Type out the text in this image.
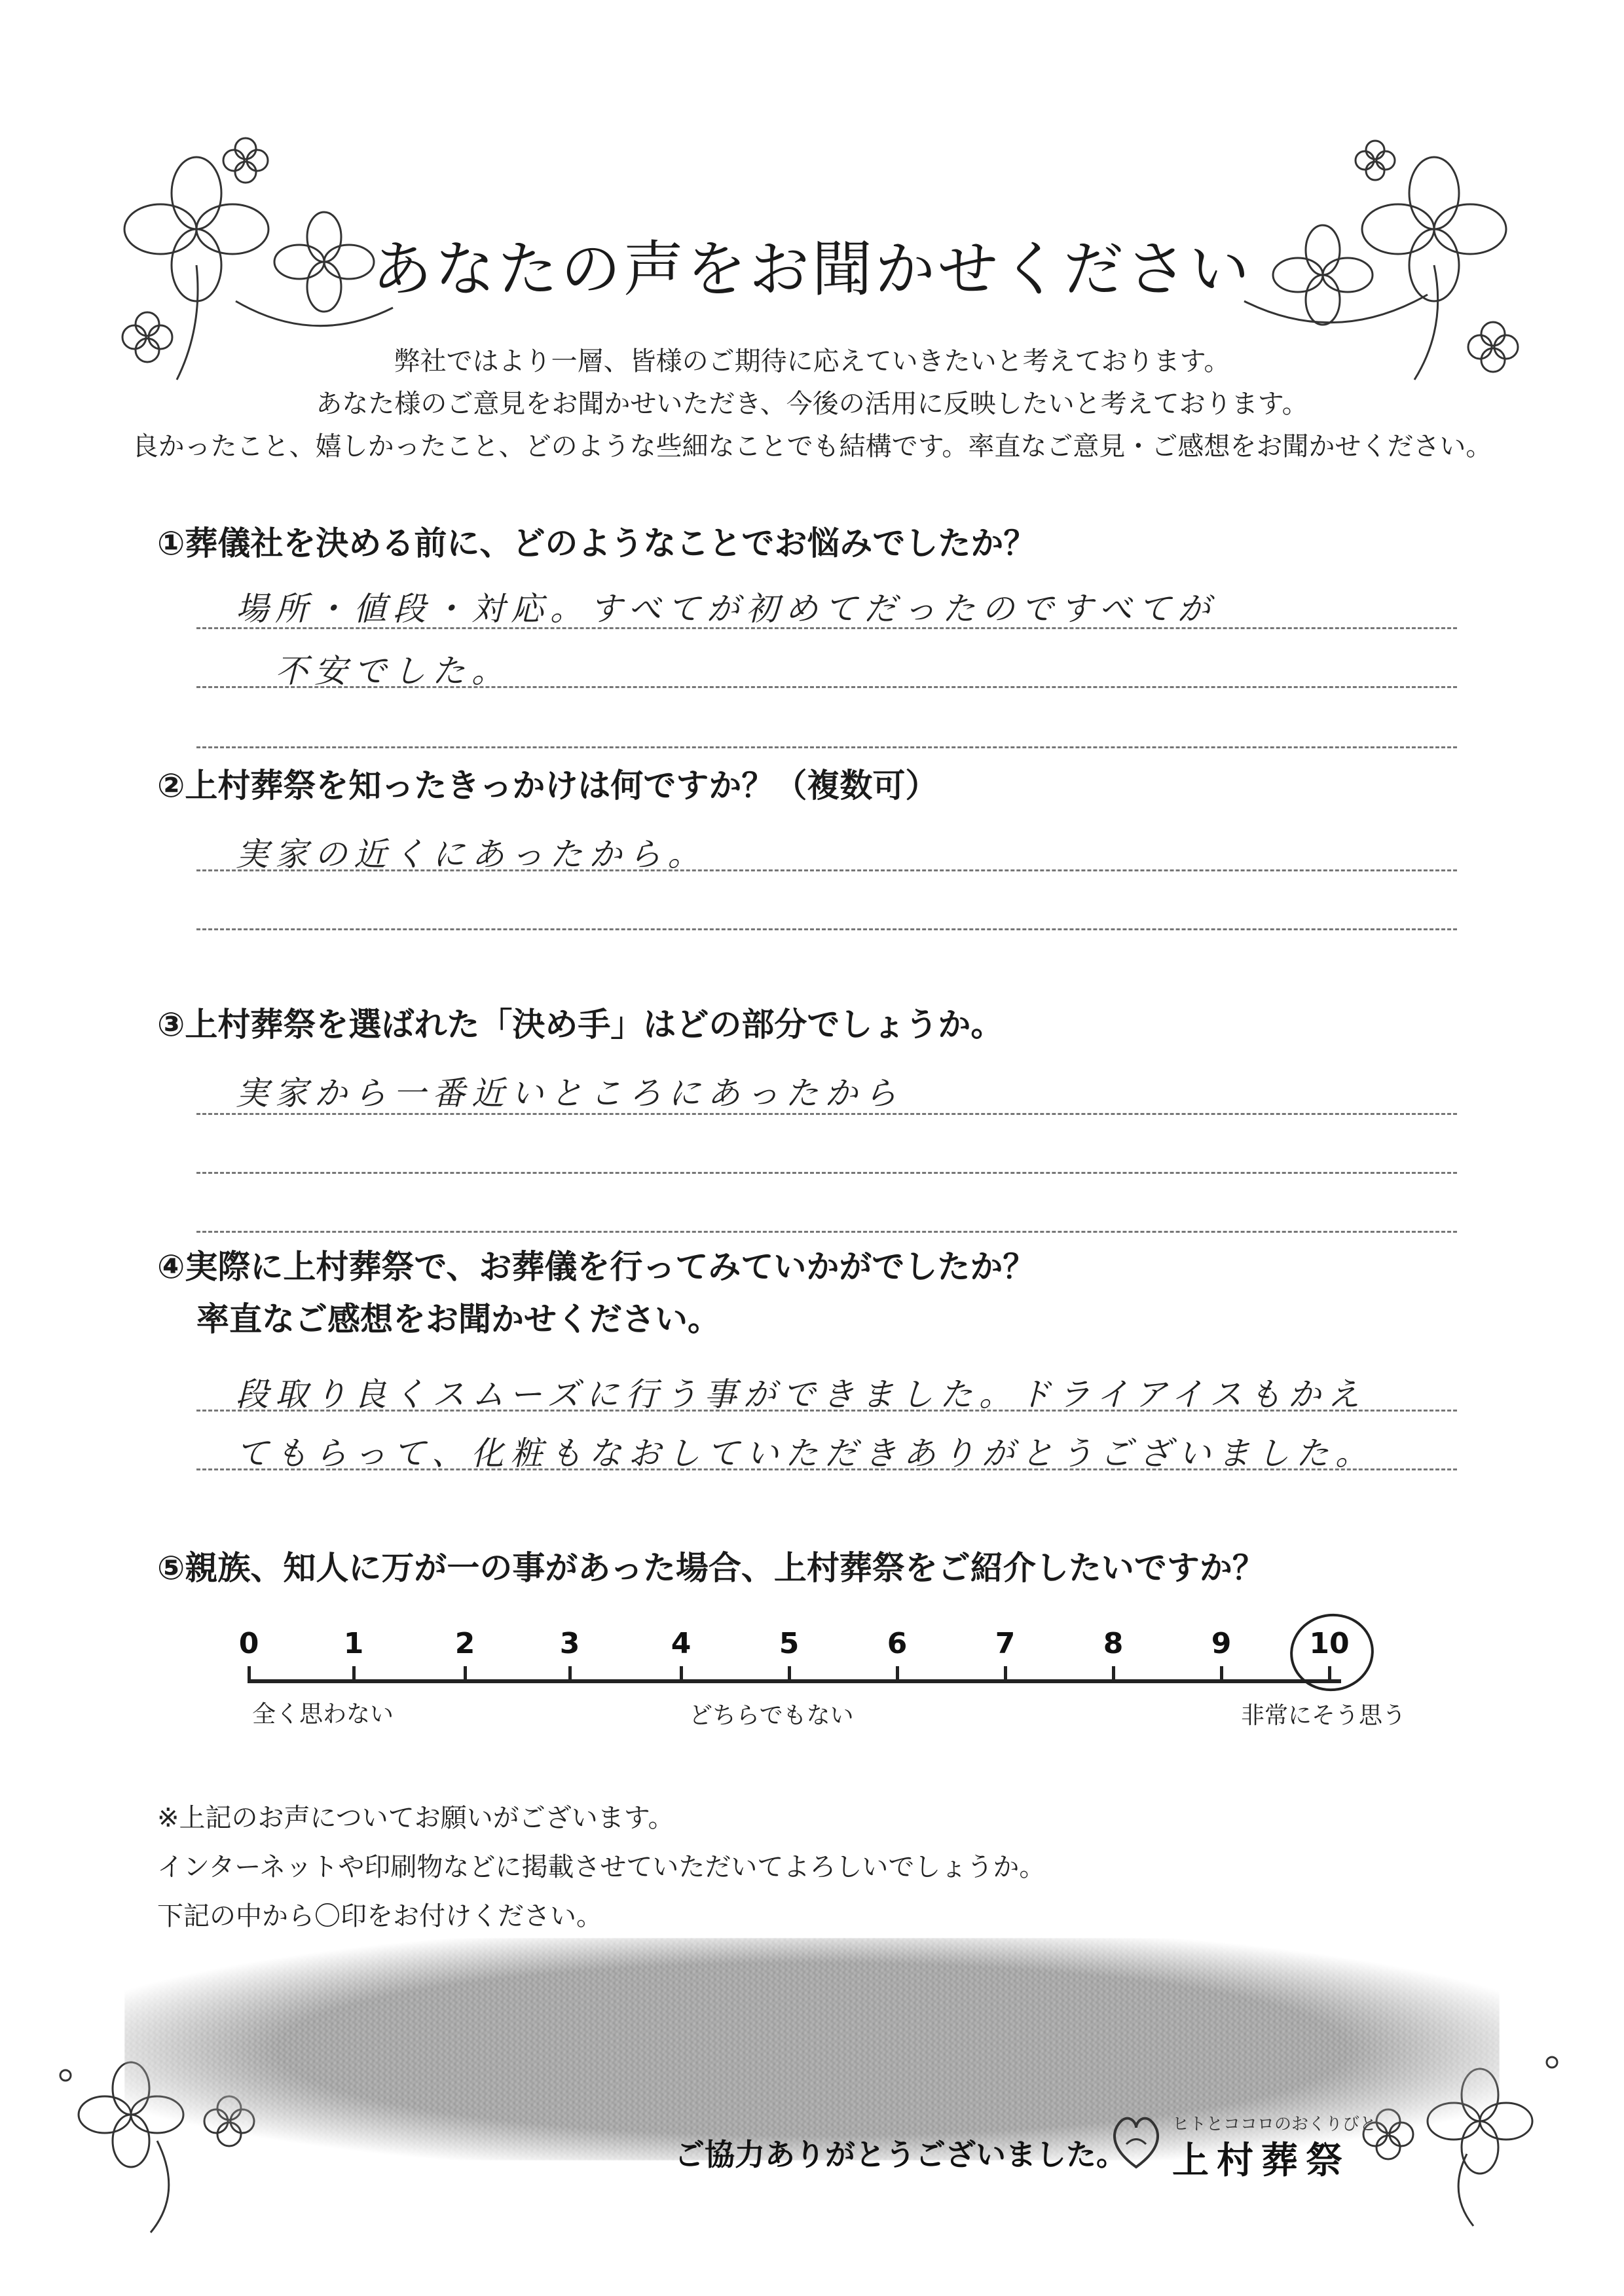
あなたの声をお聞かせください
弊社ではより一層、皆様のご期待に応えていきたいと考えております。
あなた様のご意見をお聞かせいただき、今後の活用に反映したいと考えております。
良かったこと、嬉しかったこと、どのような些細なことでも結構です。率直なご意見・ご感想をお聞かせください。
①葬儀社を決める前に、どのようなことでお悩みでしたか？
場所・値段・対応。すべてが初めてだったのですべてが
不安でした。
②上村葬祭を知ったきっかけは何ですか？（複数可）
実家の近くにあったから。
③上村葬祭を選ばれた「決め手」はどの部分でしょうか。
実家から一番近いところにあったから
④実際に上村葬祭で、お葬儀を行ってみていかがでしたか？
率直なご感想をお聞かせください。
段取り良くスムーズに行う事ができました。ドライアイスもかえ
てもらって、化粧もなおしていただきありがとうございました。
⑤親族、知人に万が一の事があった場合、上村葬祭をご紹介したいですか？
0	1	2	3	4	5	6	7	8	9	10
全く思わない	どちらでもない	非常にそう思う
※上記のお声についてお願いがございます。
インターネットや印刷物などに掲載させていただいてよろしいでしょうか。
下記の中から〇印をお付けください。
ご協力ありがとうございました。
ヒトとココロのおくりびと
上村葬祭
